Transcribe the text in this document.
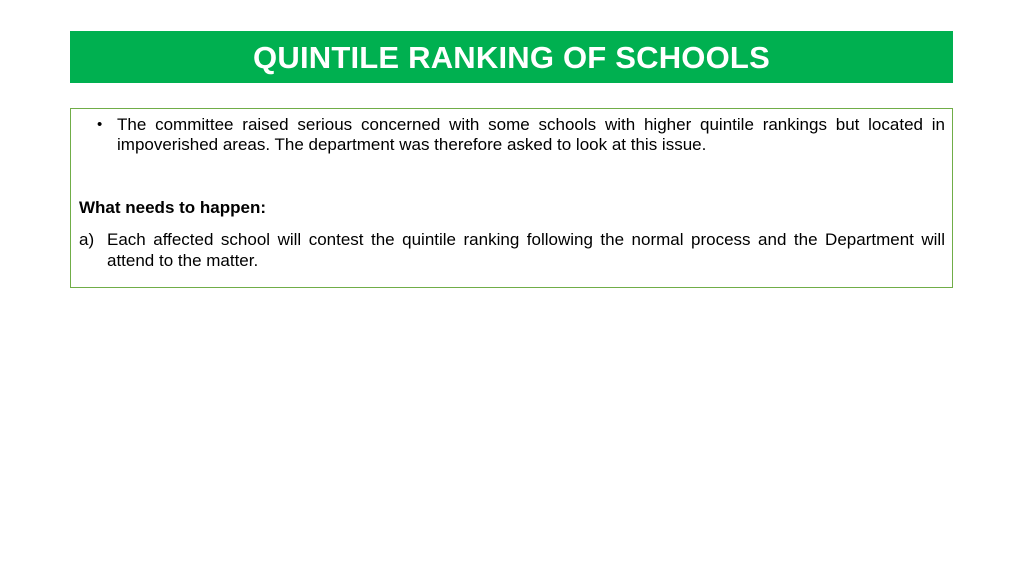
QUINTILE RANKING OF SCHOOLS
• The committee raised serious concerned with some schools with higher quintile rankings but located in impoverished areas. The department was therefore asked to look at this issue.
What needs to happen:
a) Each affected school will contest the quintile ranking following the normal process and the Department will attend to the matter.
